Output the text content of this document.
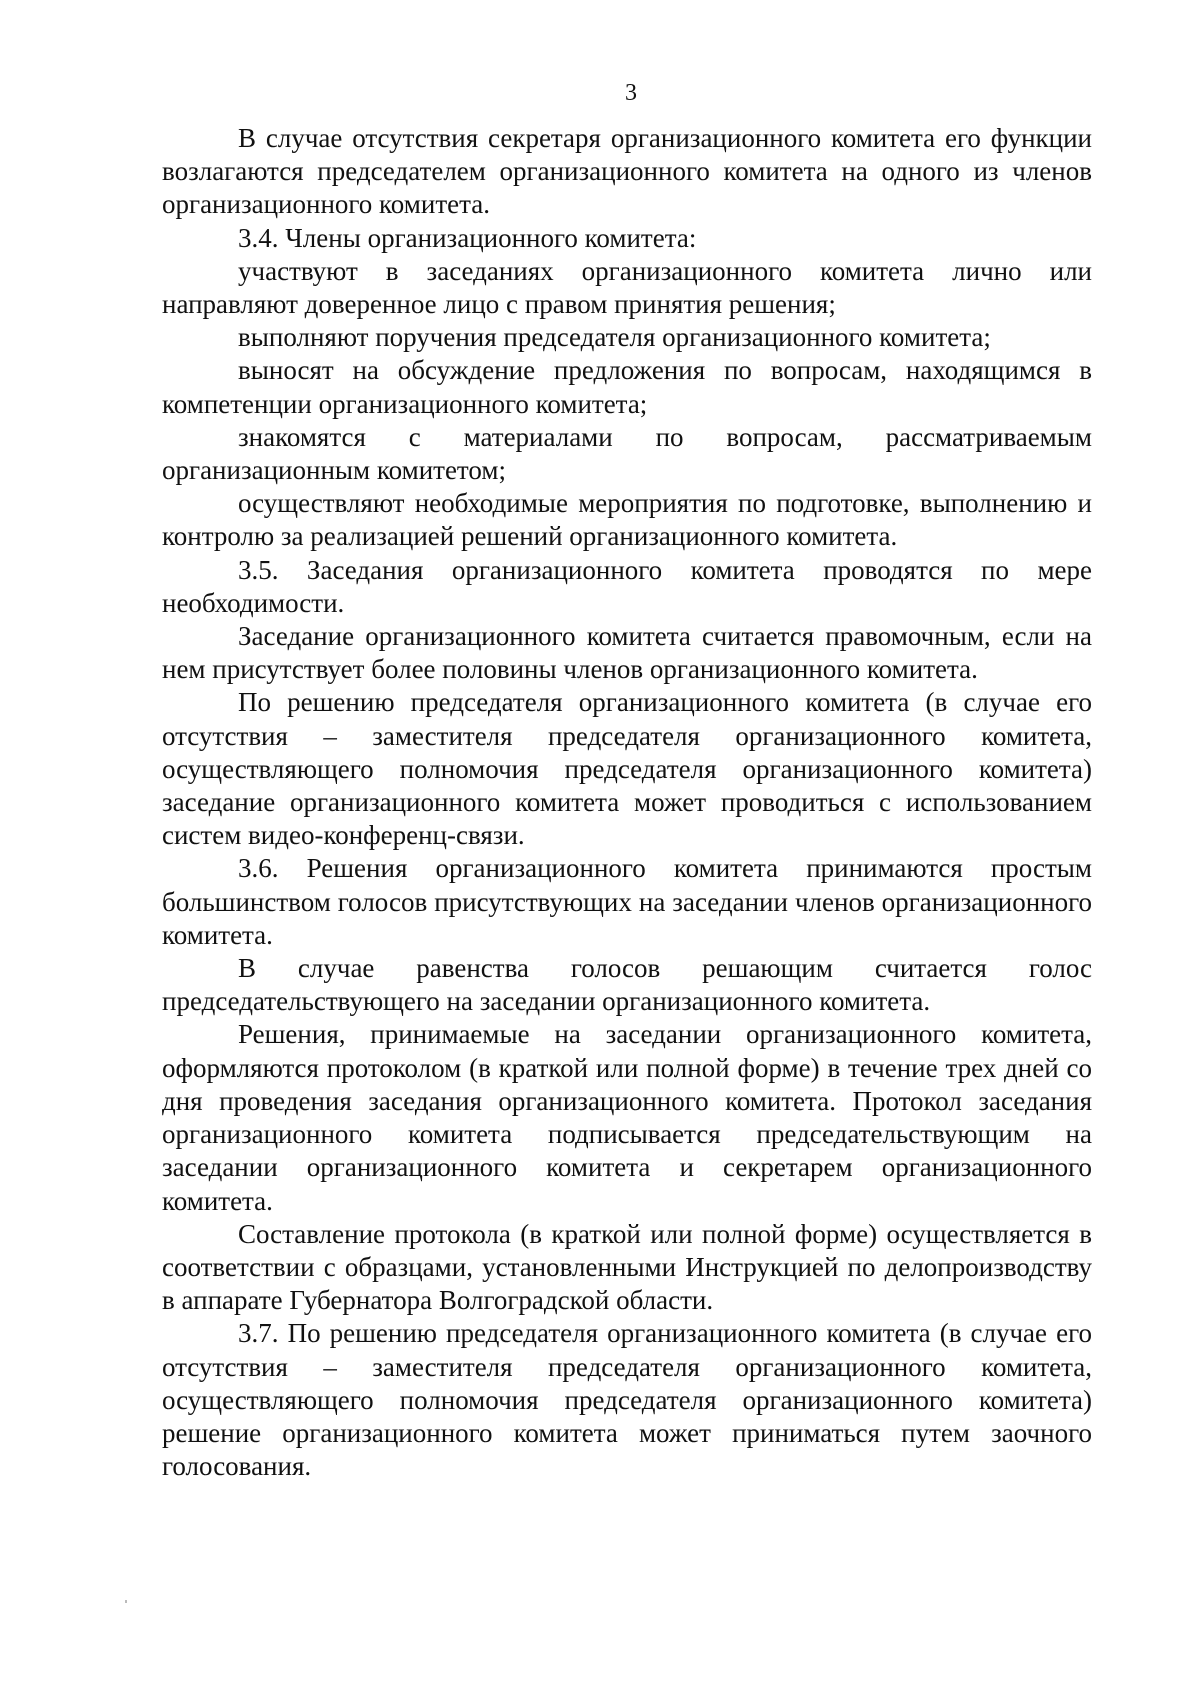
3

В случае отсутствия секретаря организационного комитета его функции возлагаются председателем организационного комитета на одного из членов организационного комитета.

3.4. Члены организационного комитета:

участвуют в заседаниях организационного комитета лично или направляют доверенное лицо с правом принятия решения;

выполняют поручения председателя организационного комитета;

выносят на обсуждение предложения по вопросам, находящимся в компетенции организационного комитета;

знакомятся с материалами по вопросам, рассматриваемым организационным комитетом;

осуществляют необходимые мероприятия по подготовке, выполнению и контролю за реализацией решений организационного комитета.

3.5. Заседания организационного комитета проводятся по мере необходимости.

Заседание организационного комитета считается правомочным, если на нем присутствует более половины членов организационного комитета.

По решению председателя организационного комитета (в случае его отсутствия – заместителя председателя организационного комитета, осуществляющего полномочия председателя организационного комитета) заседание организационного комитета может проводиться с использованием систем видео-конференц-связи.

3.6. Решения организационного комитета принимаются простым большинством голосов присутствующих на заседании членов организационного комитета.

В случае равенства голосов решающим считается голос председательствующего на заседании организационного комитета.

Решения, принимаемые на заседании организационного комитета, оформляются протоколом (в краткой или полной форме) в течение трех дней со дня проведения заседания организационного комитета. Протокол заседания организационного комитета подписывается председательствующим на заседании организационного комитета и секретарем организационного комитета.

Составление протокола (в краткой или полной форме) осуществляется в соответствии с образцами, установленными Инструкцией по делопроизводству в аппарате Губернатора Волгоградской области.

3.7. По решению председателя организационного комитета (в случае его отсутствия – заместителя председателя организационного комитета, осуществляющего полномочия председателя организационного комитета) решение организационного комитета может приниматься путем заочного голосования.
